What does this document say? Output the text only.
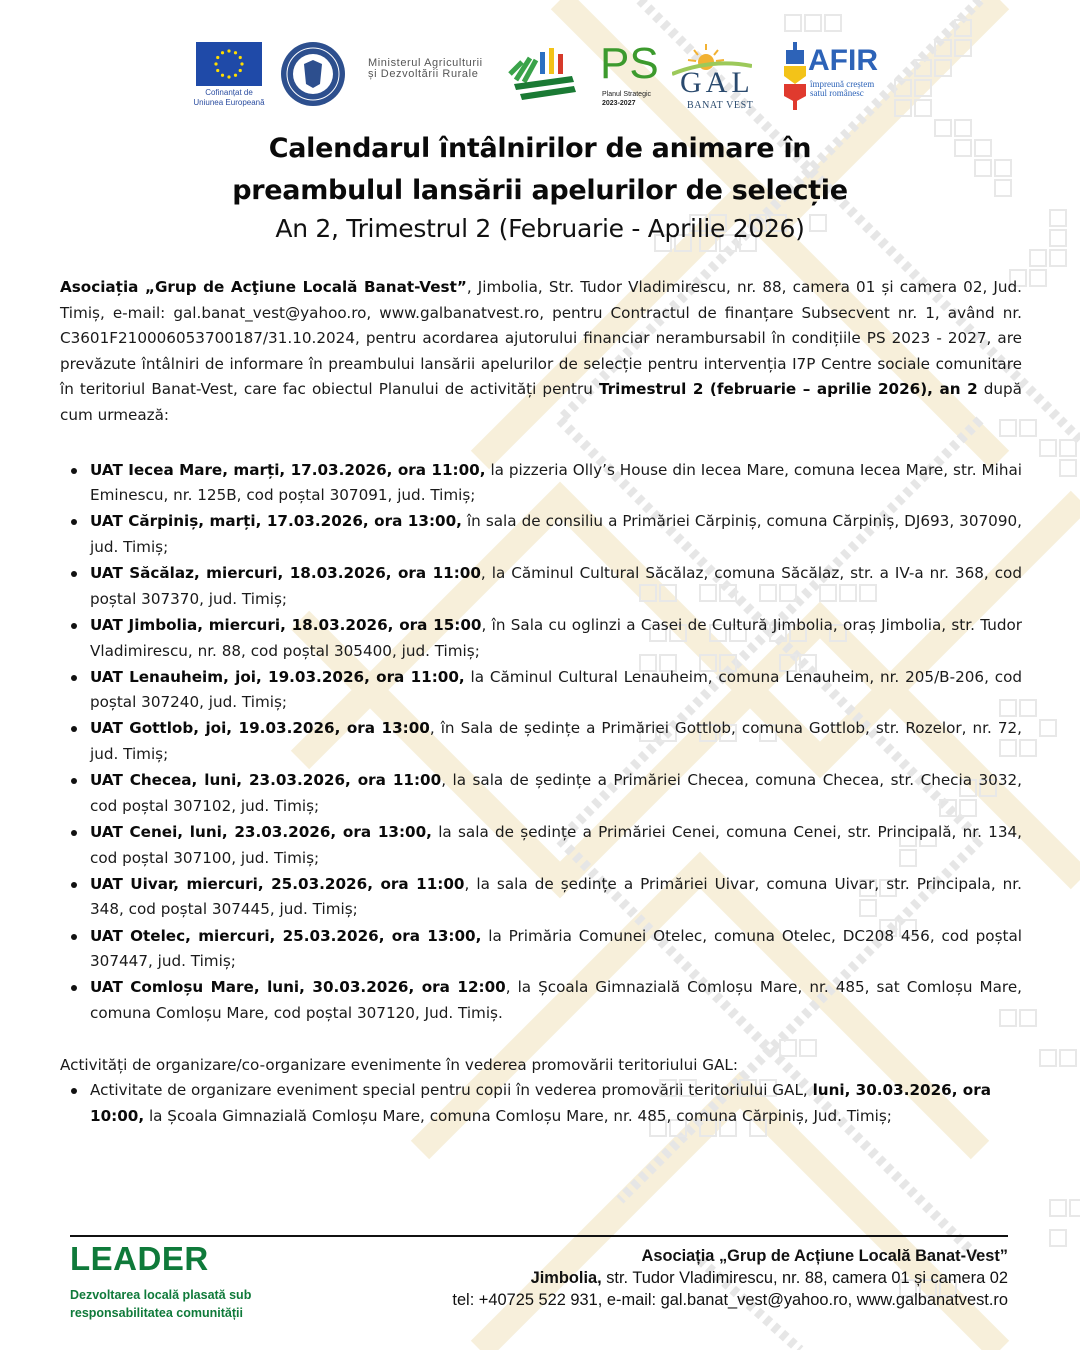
Cofinanțat de
Uniunea Europeană
Ministerul Agriculturii
și Dezvoltării Rurale	PS
Planul Strategic
2023-2027
GAL
BANAT VEST
AFIR
împreună creștem
satul românesc
Calendarul întâlnirilor de animare în
preambulul lansării apelurilor de selecție
An 2, Trimestrul 2 (Februarie - Aprilie 2026)

Asociația „Grup de Acţiune Locală Banat-Vest”, Jimbolia, Str. Tudor Vladimirescu, nr. 88, camera 01 și camera 02, Jud. Timiș, e-mail: gal.banat_vest@yahoo.ro, www.galbanatvest.ro, pentru Contractul de finanțare Subsecvent nr. 1, având nr. C3601F210006053700187/31.10.2024, pentru acordarea ajutorului financiar nerambursabil în condițiile PS 2023 - 2027, are prevăzute întâlniri de informare în preambului lansării apelurilor de selecție pentru intervenția I7P Centre sociale comunitare în teritoriul Banat-Vest, care fac obiectul Planului de activități pentru Trimestrul 2 (februarie – aprilie 2026), an 2 după cum urmează:

UAT Iecea Mare, marți, 17.03.2026, ora 11:00, la pizzeria Olly’s House din Iecea Mare, comuna Iecea Mare, str. Mihai Eminescu, nr. 125B, cod poștal 307091, jud. Timiș;
UAT Cărpiniș, marți, 17.03.2026, ora 13:00, în sala de consiliu a Primăriei Cărpiniș, comuna Cărpiniș, DJ693, 307090, jud. Timiș;
UAT Săcălaz, miercuri, 18.03.2026, ora 11:00, la Căminul Cultural Săcălaz, comuna Săcălaz, str. a IV-a nr. 368, cod poștal 307370, jud. Timiș;
UAT Jimbolia, miercuri, 18.03.2026, ora 15:00, în Sala cu oglinzi a Casei de Cultură Jimbolia, oraș Jimbolia, str. Tudor Vladimirescu, nr. 88, cod poștal 305400, jud. Timiș;
UAT Lenauheim, joi, 19.03.2026, ora 11:00, la Căminul Cultural Lenauheim, comuna Lenauheim, nr. 205/B-206, cod poștal 307240, jud. Timiș;
UAT Gottlob, joi, 19.03.2026, ora 13:00, în Sala de ședințe a Primăriei Gottlob, comuna Gottlob, str. Rozelor, nr. 72, jud. Timiș;
UAT Checea, luni, 23.03.2026, ora 11:00, la sala de ședințe a Primăriei Checea, comuna Checea, str. Checia 3032, cod poștal 307102, jud. Timiș;
UAT Cenei, luni, 23.03.2026, ora 13:00, la sala de ședințe a Primăriei Cenei, comuna Cenei, str. Principală, nr. 134, cod poștal 307100, jud. Timiș;
UAT Uivar, miercuri, 25.03.2026, ora 11:00, la sala de ședințe a Primăriei Uivar, comuna Uivar, str. Principala, nr. 348, cod poștal 307445, jud. Timiș;
UAT Otelec, miercuri, 25.03.2026, ora 13:00, la Primăria Comunei Otelec, comuna Otelec, DC208 456, cod poștal 307447, jud. Timiș;
UAT Comloșu Mare, luni, 30.03.2026, ora 12:00, la Școala Gimnazială Comloșu Mare, nr. 485, sat Comloșu Mare, comuna Comloșu Mare, cod poștal 307120, Jud. Timiș.

Activități de organizare/co-organizare evenimente în vederea promovării teritoriului GAL:

Activitate de organizare eveniment special pentru copii în vederea promovării teritoriului GAL, luni, 30.03.2026, ora 10:00, la Școala Gimnazială Comloșu Mare, comuna Comloșu Mare, nr. 485, comuna Cărpiniș, Jud. Timiș;
LEADER
Dezvoltarea locală plasată sub responsabilitatea comunității
Asociația „Grup de Acțiune Locală Banat-Vest”
Jimbolia, str. Tudor Vladimirescu, nr. 88, camera 01 și camera 02
tel: +40725 522 931, e-mail: gal.banat_vest@yahoo.ro, www.galbanatvest.ro
